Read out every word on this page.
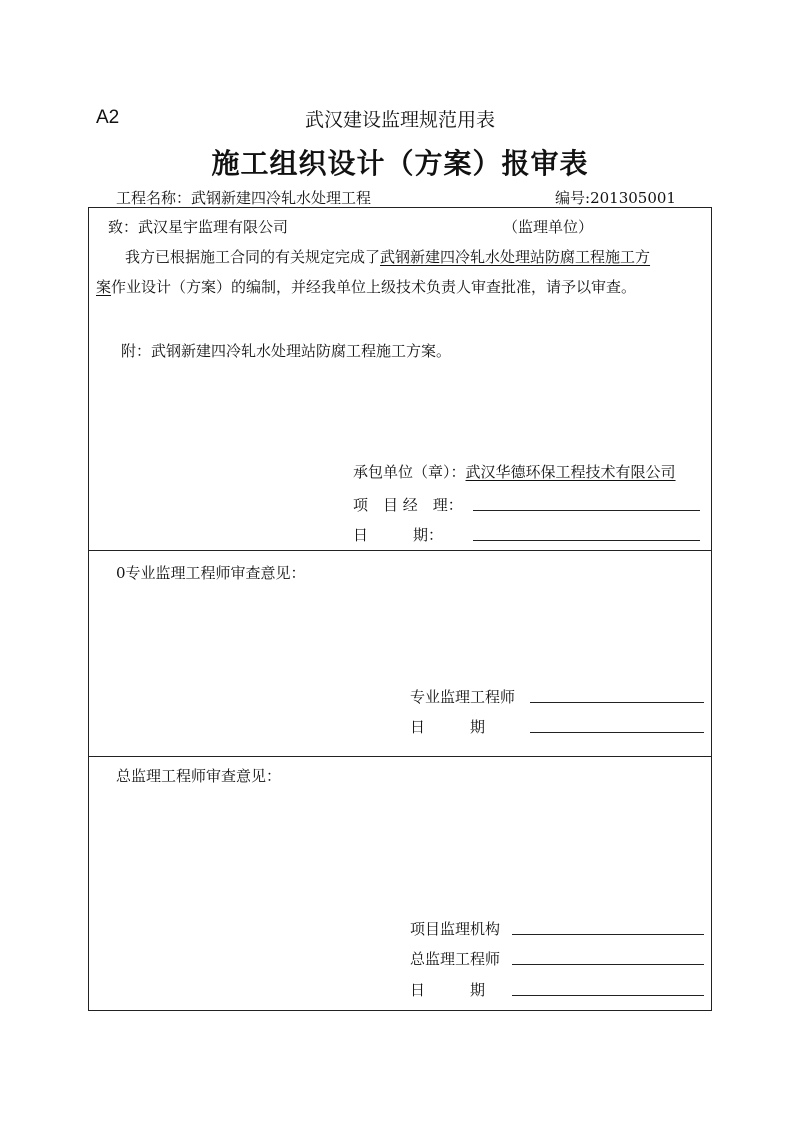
A2	武汉建设监理规范用表
施工组织设计（方案）报审表
工程名称：武钢新建四冷轧水处理工程	编号:201305001
致：武汉星宇监理有限公司	（监理单位）
我方已根据施工合同的有关规定完成了武钢新建四冷轧水处理站防腐工程施工方
案作业设计（方案）的编制，并经我单位上级技术负责人审查批准，请予以审查。
附：武钢新建四冷轧水处理站防腐工程施工方案。
承包单位（章）：武汉华德环保工程技术有限公司
项　目 经　理：
日　　　期：
0专业监理工程师审查意见：
专业监理工程师
日　　　期
总监理工程师审查意见：
项目监理机构
总监理工程师
日　　　期
